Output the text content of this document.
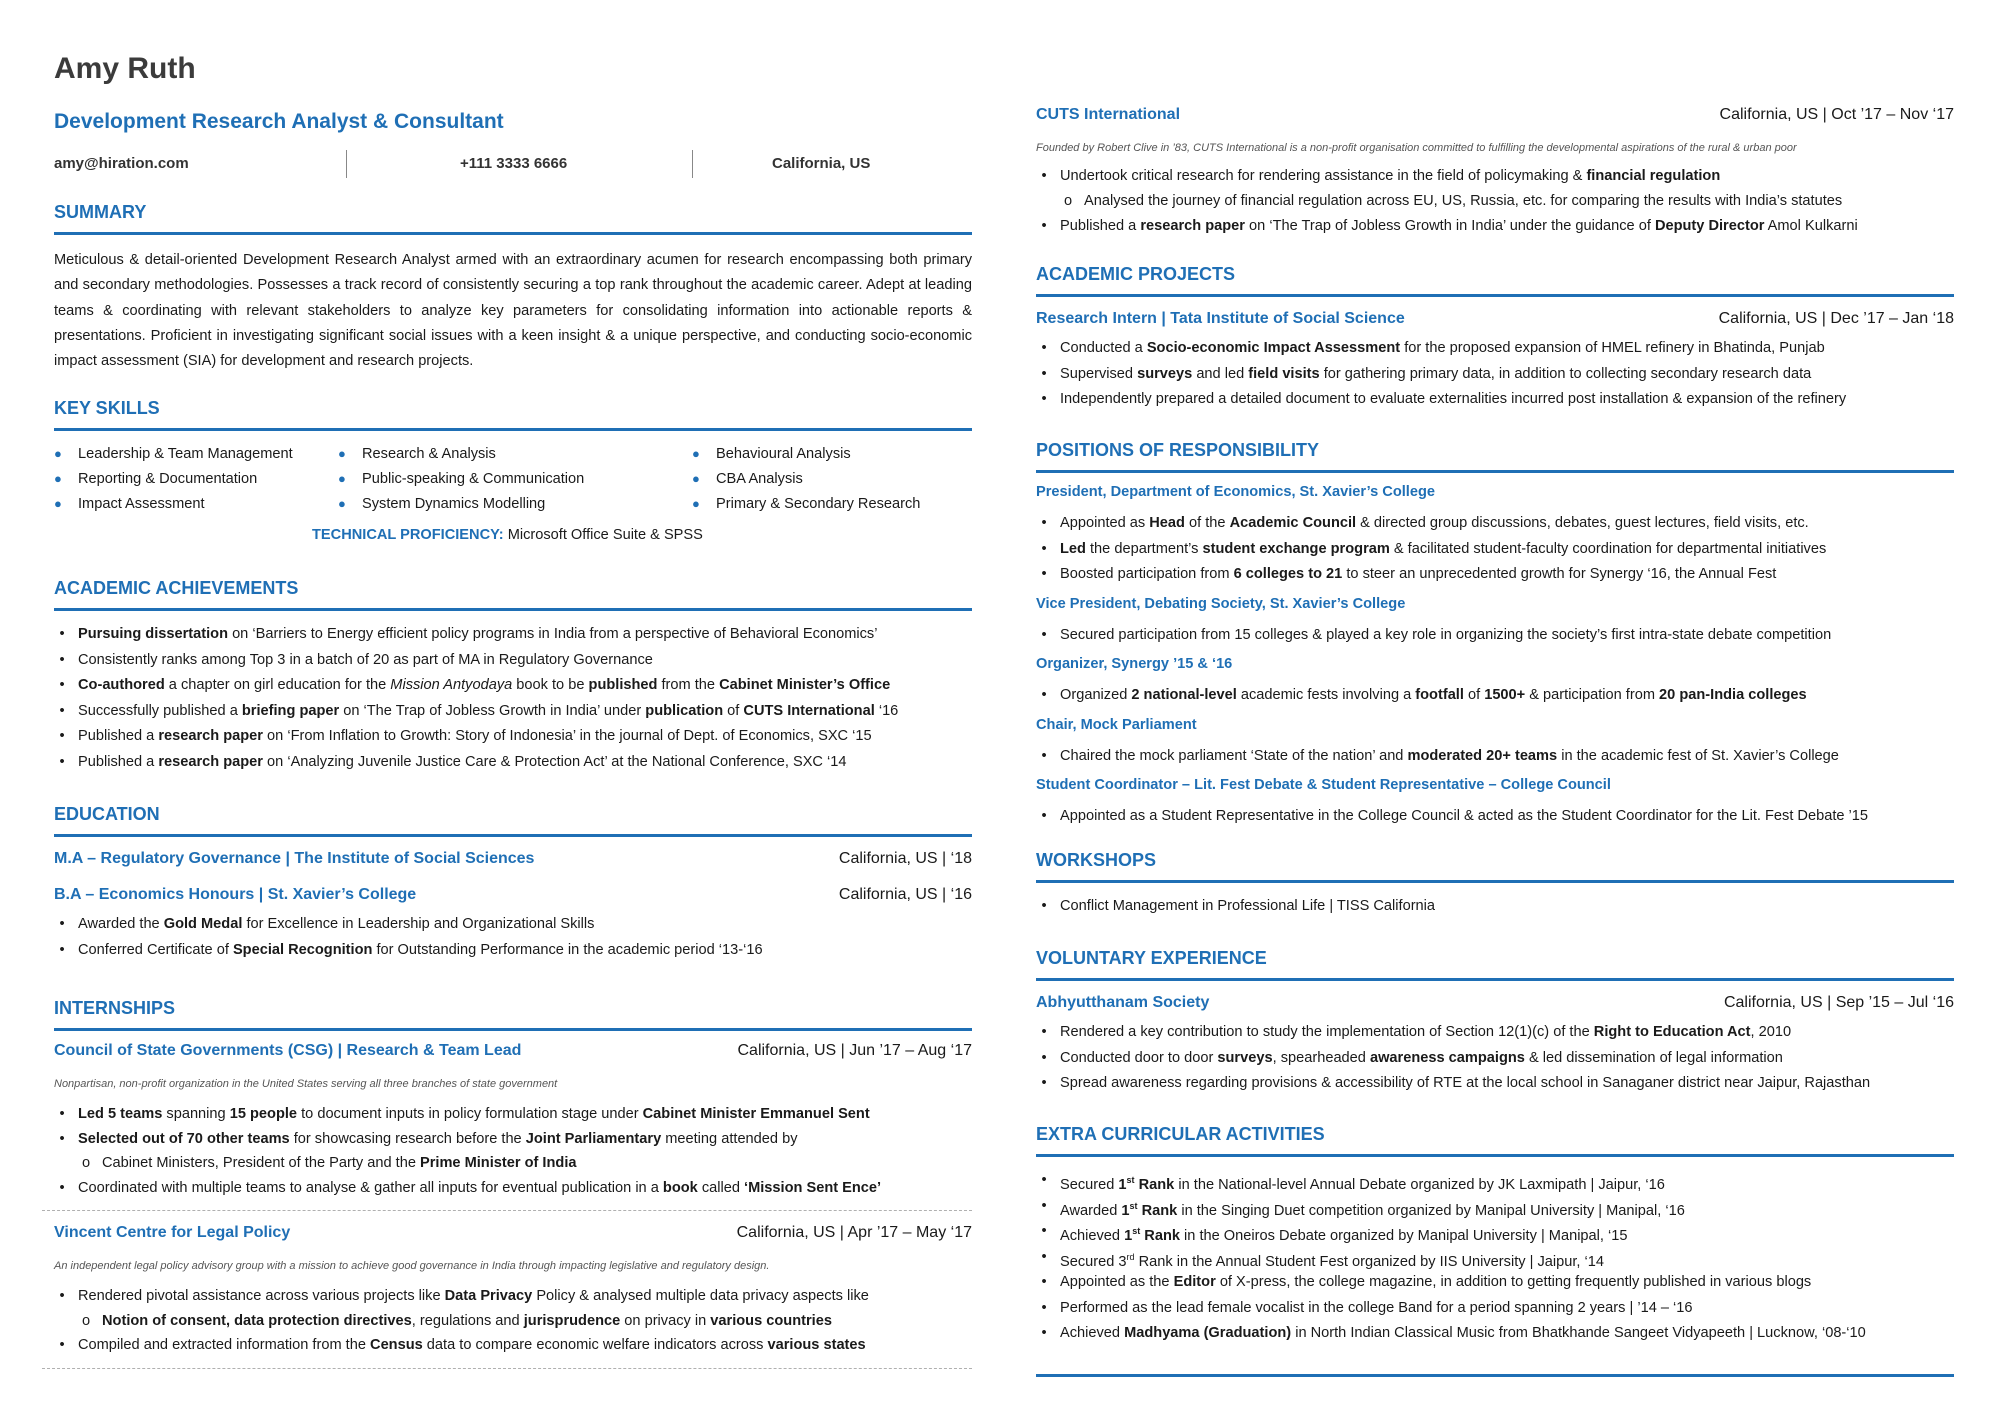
Amy Ruth
Development Research Analyst & Consultant
amy@hiration.com	+111 3333 6666	California, US
SUMMARY
Meticulous & detail-oriented Development Research Analyst armed with an extraordinary acumen for research encompassing both primary and secondary methodologies. Possesses a track record of consistently securing a top rank throughout the academic career. Adept at leading teams & coordinating with relevant stakeholders to analyze key parameters for consolidating information into actionable reports & presentations. Proficient in investigating significant social issues with a keen insight & a unique perspective, and conducting socio-economic impact assessment (SIA) for development and research projects.
KEY SKILLS
● Leadership & Team Management	● Research & Analysis	● Behavioural Analysis
● Reporting & Documentation	● Public-speaking & Communication	● CBA Analysis
● Impact Assessment	● System Dynamics Modelling	● Primary & Secondary Research
TECHNICAL PROFICIENCY: Microsoft Office Suite & SPSS
ACADEMIC ACHIEVEMENTS
• Pursuing dissertation on ‘Barriers to Energy efficient policy programs in India from a perspective of Behavioral Economics’
• Consistently ranks among Top 3 in a batch of 20 as part of MA in Regulatory Governance
• Co-authored a chapter on girl education for the Mission Antyodaya book to be published from the Cabinet Minister’s Office
• Successfully published a briefing paper on ‘The Trap of Jobless Growth in India’ under publication of CUTS International ‘16
• Published a research paper on ‘From Inflation to Growth: Story of Indonesia’ in the journal of Dept. of Economics, SXC ‘15
• Published a research paper on ‘Analyzing Juvenile Justice Care & Protection Act’ at the National Conference, SXC ‘14
EDUCATION
M.A – Regulatory Governance | The Institute of Social Sciences	California, US | ‘18
B.A – Economics Honours | St. Xavier’s College	California, US | ‘16
• Awarded the Gold Medal for Excellence in Leadership and Organizational Skills
• Conferred Certificate of Special Recognition for Outstanding Performance in the academic period ‘13-‘16
INTERNSHIPS
Council of State Governments (CSG) | Research & Team Lead	California, US | Jun ’17 – Aug ‘17
Nonpartisan, non-profit organization in the United States serving all three branches of state government
• Led 5 teams spanning 15 people to document inputs in policy formulation stage under Cabinet Minister Emmanuel Sent
• Selected out of 70 other teams for showcasing research before the Joint Parliamentary meeting attended by
o Cabinet Ministers, President of the Party and the Prime Minister of India
• Coordinated with multiple teams to analyse & gather all inputs for eventual publication in a book called ‘Mission Sent Ence’
Vincent Centre for Legal Policy	California, US | Apr ’17 – May ‘17
An independent legal policy advisory group with a mission to achieve good governance in India through impacting legislative and regulatory design.
• Rendered pivotal assistance across various projects like Data Privacy Policy & analysed multiple data privacy aspects like
o Notion of consent, data protection directives, regulations and jurisprudence on privacy in various countries
• Compiled and extracted information from the Census data to compare economic welfare indicators across various states
CUTS International	California, US | Oct ’17 – Nov ‘17
Founded by Robert Clive in ’83, CUTS International is a non-profit organisation committed to fulfilling the developmental aspirations of the rural & urban poor
• Undertook critical research for rendering assistance in the field of policymaking & financial regulation
o Analysed the journey of financial regulation across EU, US, Russia, etc. for comparing the results with India’s statutes
• Published a research paper on ‘The Trap of Jobless Growth in India’ under the guidance of Deputy Director Amol Kulkarni
ACADEMIC PROJECTS
Research Intern | Tata Institute of Social Science	California, US | Dec ’17 – Jan ‘18
• Conducted a Socio-economic Impact Assessment for the proposed expansion of HMEL refinery in Bhatinda, Punjab
• Supervised surveys and led field visits for gathering primary data, in addition to collecting secondary research data
• Independently prepared a detailed document to evaluate externalities incurred post installation & expansion of the refinery
POSITIONS OF RESPONSIBILITY
President, Department of Economics, St. Xavier’s College
• Appointed as Head of the Academic Council & directed group discussions, debates, guest lectures, field visits, etc.
• Led the department’s student exchange program & facilitated student-faculty coordination for departmental initiatives
• Boosted participation from 6 colleges to 21 to steer an unprecedented growth for Synergy ‘16, the Annual Fest
Vice President, Debating Society, St. Xavier’s College
• Secured participation from 15 colleges & played a key role in organizing the society’s first intra-state debate competition
Organizer, Synergy ’15 & ‘16
• Organized 2 national-level academic fests involving a footfall of 1500+ & participation from 20 pan-India colleges
Chair, Mock Parliament
• Chaired the mock parliament ‘State of the nation’ and moderated 20+ teams in the academic fest of St. Xavier’s College
Student Coordinator – Lit. Fest Debate & Student Representative – College Council
• Appointed as a Student Representative in the College Council & acted as the Student Coordinator for the Lit. Fest Debate ’15
WORKSHOPS
• Conflict Management in Professional Life | TISS California
VOLUNTARY EXPERIENCE
Abhyutthanam Society	California, US | Sep ’15 – Jul ‘16
• Rendered a key contribution to study the implementation of Section 12(1)(c) of the Right to Education Act, 2010
• Conducted door to door surveys, spearheaded awareness campaigns & led dissemination of legal information
• Spread awareness regarding provisions & accessibility of RTE at the local school in Sanaganer district near Jaipur, Rajasthan
EXTRA CURRICULAR ACTIVITIES
• Secured 1st Rank in the National-level Annual Debate organized by JK Laxmipath | Jaipur, ‘16
• Awarded 1st Rank in the Singing Duet competition organized by Manipal University | Manipal, ‘16
• Achieved 1st Rank in the Oneiros Debate organized by Manipal University | Manipal, ‘15
• Secured 3rd Rank in the Annual Student Fest organized by IIS University | Jaipur, ‘14
• Appointed as the Editor of X-press, the college magazine, in addition to getting frequently published in various blogs
• Performed as the lead female vocalist in the college Band for a period spanning 2 years | ’14 – ‘16
• Achieved Madhyama (Graduation) in North Indian Classical Music from Bhatkhande Sangeet Vidyapeeth | Lucknow, ‘08-‘10
